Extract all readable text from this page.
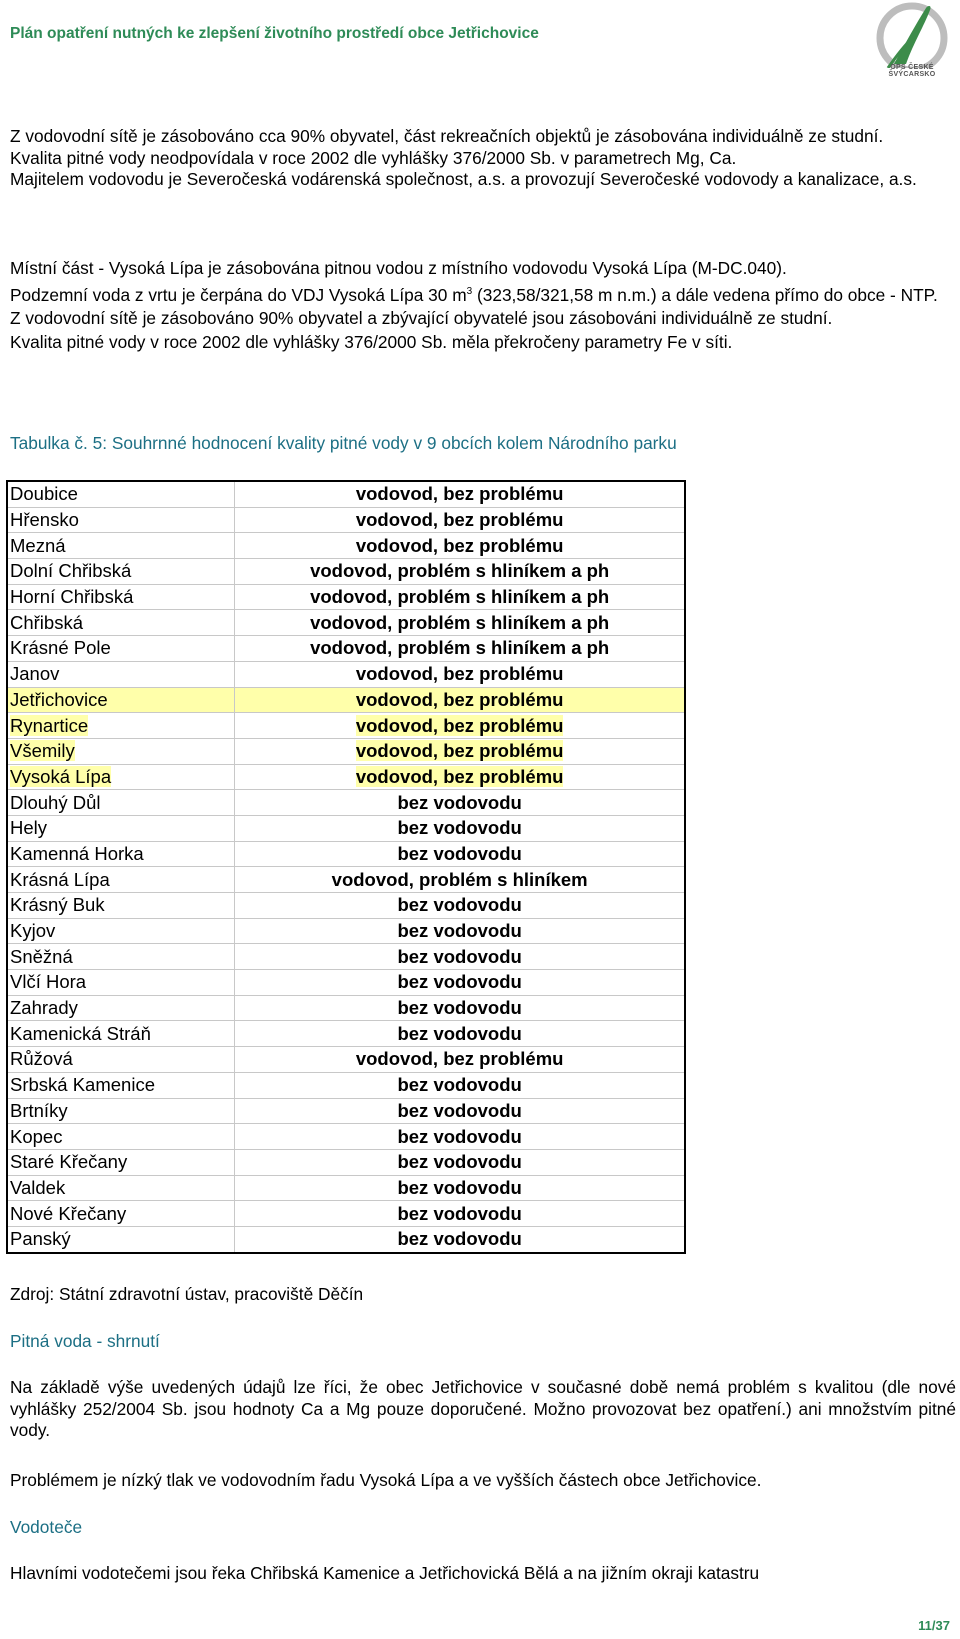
Plán opatření nutných ke zlepšení životního prostředí obce Jetřichovice
OPS ČESKÉ ŠVÝCARSKO
Z vodovodní sítě je zásobováno cca 90% obyvatel, část rekreačních objektů je zásobována individuálně ze studní.
Kvalita pitné vody neodpovídala v roce 2002 dle vyhlášky 376/2000 Sb. v parametrech Mg, Ca.
Majitelem vodovodu je Severočeská vodárenská společnost, a.s. a provozují Severočeské vodovody a kanalizace, a.s.
Místní část - Vysoká Lípa je zásobována pitnou vodou z místního vodovodu Vysoká Lípa (M-DC.040).
Podzemní voda z vrtu je čerpána do VDJ Vysoká Lípa 30 $m^3$ (323,58/321,58 m n.m.) a dále vedena přímo do obce - NTP.
Z vodovodní sítě je zásobováno 90% obyvatel a zbývající obyvatelé jsou zásobováni individuálně ze studní.
Kvalita pitné vody v roce 2002 dle vyhlášky 376/2000 Sb. měla překročeny parametry Fe v síti.
Tabulka č. 5: Souhrnné hodnocení kvality pitné vody v 9 obcích kolem Národního parku
Doubice	vodovod, bez problému
Hřensko	vodovod, bez problému
Mezná	vodovod, bez problému
Dolní Chřibská	vodovod, problém s hliníkem a ph
Horní Chřibská	vodovod, problém s hliníkem a ph
Chřibská	vodovod, problém s hliníkem a ph
Krásné Pole	vodovod, problém s hliníkem a ph
Janov	vodovod, bez problému
Jetřichovice	vodovod, bez problému
Rynartice	vodovod, bez problému
Všemily	vodovod, bez problému
Vysoká Lípa	vodovod, bez problému
Dlouhý Důl	bez vodovodu
Hely	bez vodovodu
Kamenná Horka	bez vodovodu
Krásná Lípa	vodovod, problém s hliníkem
Krásný Buk	bez vodovodu
Kyjov	bez vodovodu
Sněžná	bez vodovodu
Vlčí Hora	bez vodovodu
Zahrady	bez vodovodu
Kamenická Stráň	bez vodovodu
Růžová	vodovod, bez problému
Srbská Kamenice	bez vodovodu
Brtníky	bez vodovodu
Kopec	bez vodovodu
Staré Křečany	bez vodovodu
Valdek	bez vodovodu
Nové Křečany	bez vodovodu
Panský	bez vodovodu
Zdroj: Státní zdravotní ústav, pracoviště Děčín
Pitná voda - shrnutí
Na základě výše uvedených údajů lze říci, že obec Jetřichovice v současné době nemá problém s kvalitou (dle nové vyhlášky 252/2004 Sb. jsou hodnoty Ca a Mg pouze doporučené. Možno provozovat bez opatření.) ani množstvím pitné vody.
Problémem je nízký tlak ve vodovodním řadu Vysoká Lípa a ve vyšších částech obce Jetřichovice.
Vodoteče
Hlavními vodotečemi jsou řeka Chřibská Kamenice a Jetřichovická Bělá a na jižním okraji katastru
11/37
